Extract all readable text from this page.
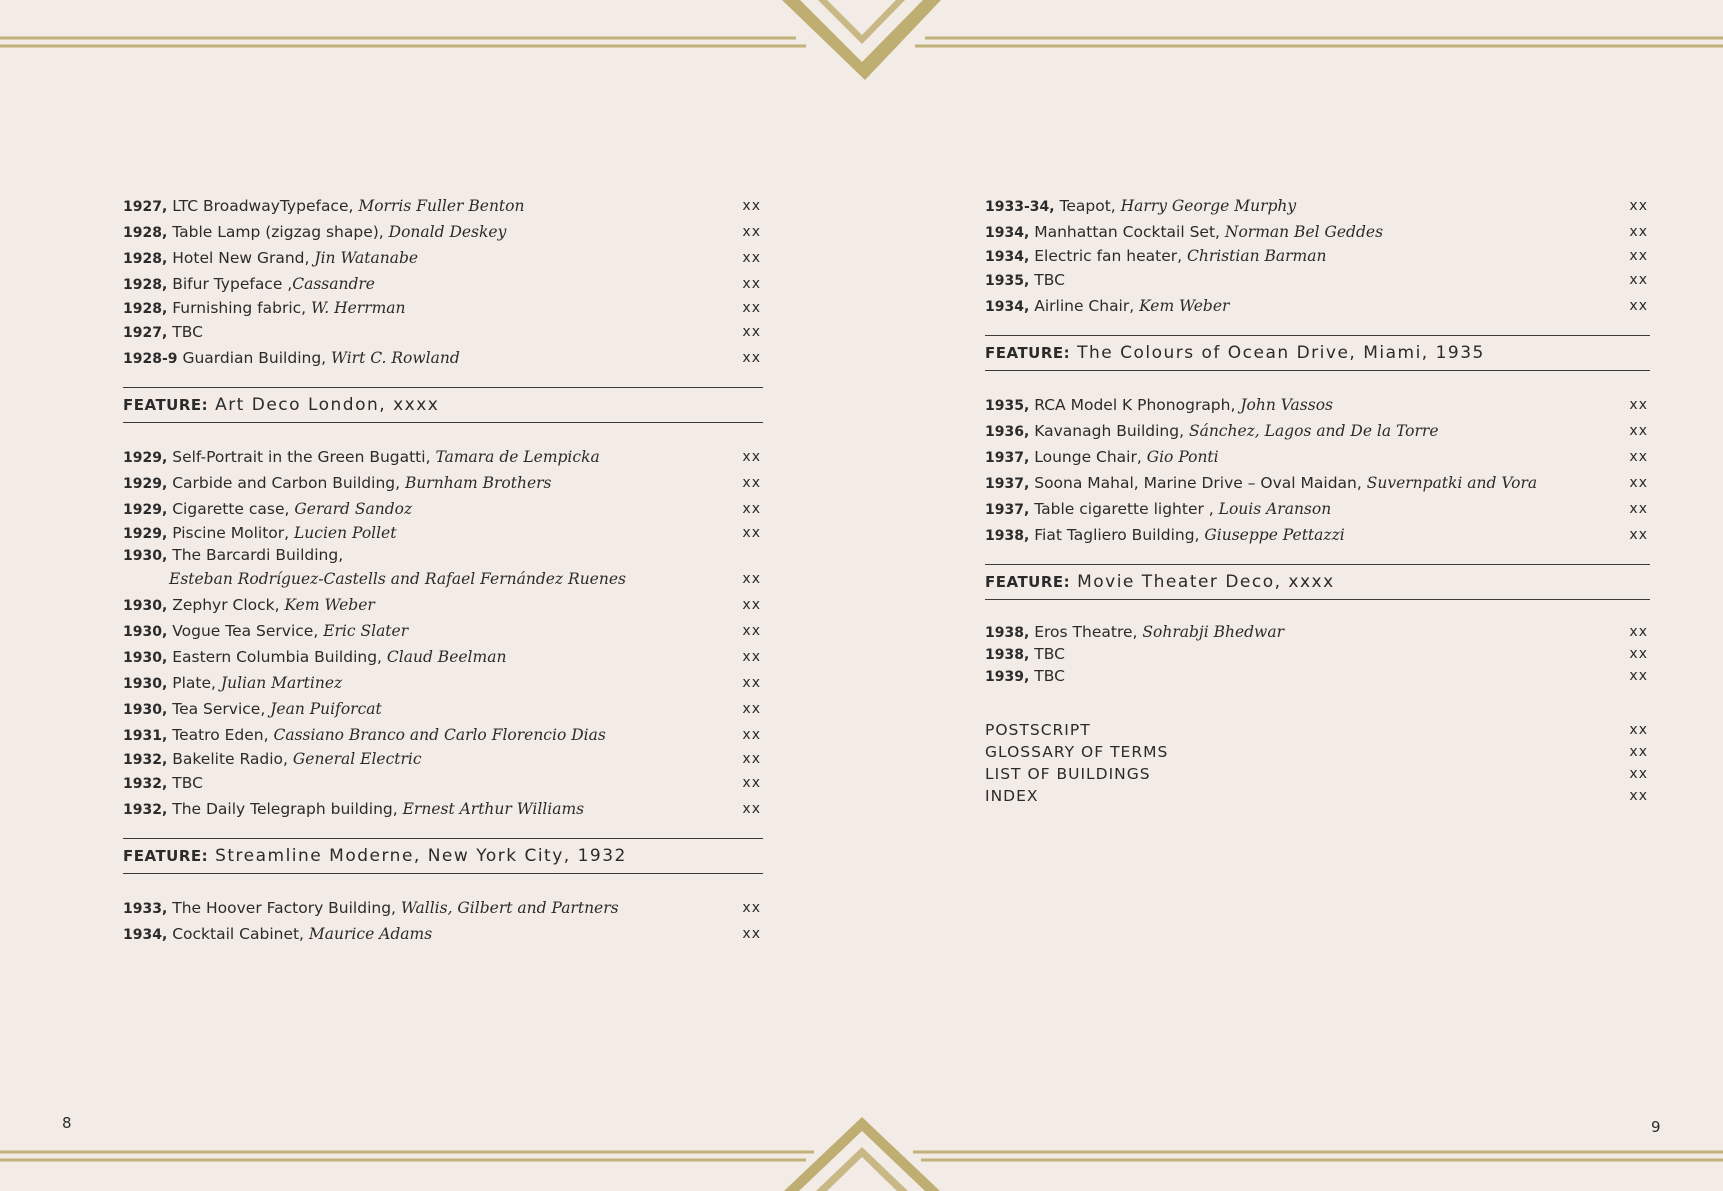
1927, LTC BroadwayTypeface, Morris Fuller Benton	xx
1928, Table Lamp (zigzag shape), Donald Deskey	xx
1928, Hotel New Grand, Jin Watanabe	xx
1928, Bifur Typeface ,Cassandre	xx
1928, Furnishing fabric, W. Herrman	xx
1927, TBC	xx
1928-9 Guardian Building, Wirt C. Rowland	xx
FEATURE: Art Deco London, xxxx
1929, Self-Portrait in the Green Bugatti, Tamara de Lempicka	xx
1929, Carbide and Carbon Building, Burnham Brothers	xx
1929, Cigarette case, Gerard Sandoz	xx
1929, Piscine Molitor, Lucien Pollet	xx
1930, The Barcardi Building,
Esteban Rodríguez-Castells and Rafael Fernández Ruenes	xx
1930, Zephyr Clock, Kem Weber	xx
1930, Vogue Tea Service, Eric Slater	xx
1930, Eastern Columbia Building, Claud Beelman	xx
1930, Plate, Julian Martinez	xx
1930, Tea Service, Jean Puiforcat	xx
1931, Teatro Eden, Cassiano Branco and Carlo Florencio Dias	xx
1932, Bakelite Radio, General Electric	xx
1932, TBC	xx
1932, The Daily Telegraph building, Ernest Arthur Williams	xx
FEATURE: Streamline Moderne, New York City, 1932
1933, The Hoover Factory Building, Wallis, Gilbert and Partners	xx
1934, Cocktail Cabinet, Maurice Adams	xx
1933-34, Teapot, Harry George Murphy	xx
1934, Manhattan Cocktail Set, Norman Bel Geddes	xx
1934, Electric fan heater, Christian Barman	xx
1935, TBC	xx
1934, Airline Chair, Kem Weber	xx
FEATURE: The Colours of Ocean Drive, Miami, 1935
1935, RCA Model K Phonograph, John Vassos	xx
1936, Kavanagh Building, Sánchez, Lagos and De la Torre	xx
1937, Lounge Chair, Gio Ponti	xx
1937, Soona Mahal, Marine Drive – Oval Maidan, Suvernpatki and Vora	xx
1937, Table cigarette lighter , Louis Aranson	xx
1938, Fiat Tagliero Building, Giuseppe Pettazzi	xx
FEATURE: Movie Theater Deco, xxxx
1938, Eros Theatre, Sohrabji Bhedwar	xx
1938, TBC	xx
1939, TBC	xx
POSTSCRIPT	xx
GLOSSARY OF TERMS	xx
LIST OF BUILDINGS	xx
INDEX	xx
8	9
